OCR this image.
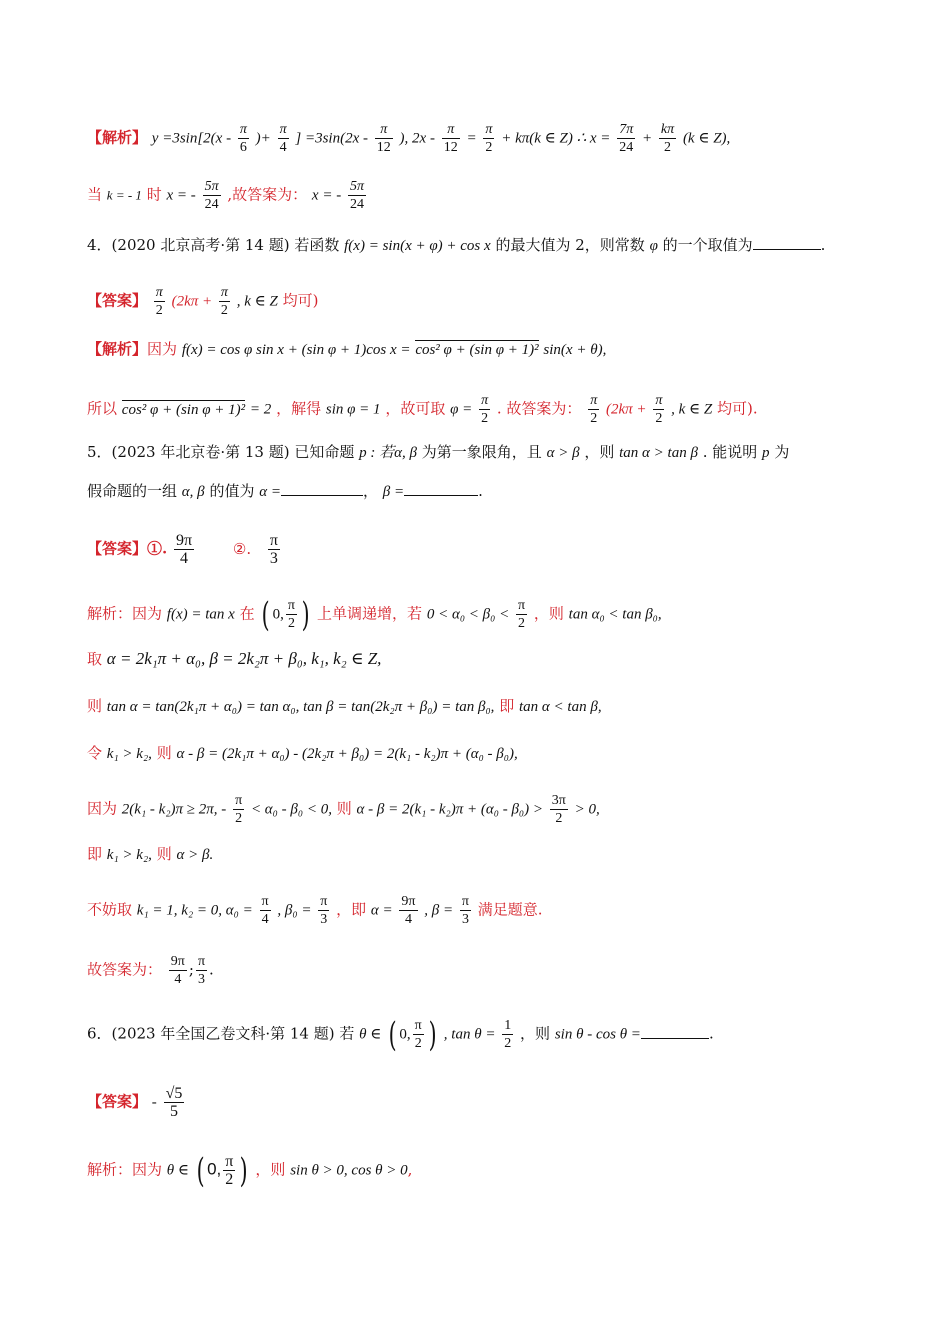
【解析】 $y =3\sin[2(x - \frac{\pi}{6}$ )+ $\frac{\pi}{4}$ ] $=3\sin(2x - \frac{\pi}{12}$ ), $2x - \frac{\pi}{12} = \frac{\pi}{2} + k\pi(k$ ∈ Z) ∴ $x = \frac{7\pi}{24} + \frac{k\pi}{2} (k$ ∈ Z),
当 k = - 1 时 x = - $\frac{5\pi}{24}$ ,故答案为： x = - $\frac{5\pi}{24}$
4．(2020 北京高考·第 14 题) 若函数 f(x) = sin(x + φ) + cos x 的最大值为 2，则常数 φ 的一个取值为	.
【答案】 $\frac{\pi}{2} (2k\pi + \frac{\pi}{2}$ , k ∈ Z 均可)
【解析】因为 f(x) = cos φ sin x + (sin φ + 1)cos x = cos² φ + (sin φ + 1)² sin(x + θ),
所以 cos² φ + (sin φ + 1)² = 2 ，解得 sin φ = 1 ，故可取 $\varphi = \frac{\pi}{2}$ . 故答案为： $\frac{\pi}{2} (2k\pi + \frac{\pi}{2}$ , k ∈ Z 均可).
5．(2023 年北京卷·第 13 题) 已知命题 p : 若α, β 为第一象限角，且 α > β ，则 tan α > tan β . 能说明 p 为
假命题的一组 α, β 的值为 α =	， β =	.
【答案】①. $\frac{9\pi}{4}$	②. $\frac{\pi}{3}$
解析：因为 f(x) = tan x 在 ( 0, $\frac{\pi}{2}$ ) 上单调递增，若 $0 < \alpha_0 < \beta_0 < \frac{\pi}{2}$ ，则 tan α₀ < tan β₀,
取 α = 2k₁π + α₀, β = 2k₂π + β₀, k₁, k₂ ∈ Z,
则 tan α = tan(2k₁π + α₀) = tan α₀, tan β = tan(2k₂π + β₀) = tan β₀, 即 tan α < tan β,
令 k₁ > k₂, 则 α - β = (2k₁π + α₀) - (2k₂π + β₀) = 2(k₁ - k₂)π + (α₀ - β₀),
因为 2(k₁ - k₂)π ≥ 2π, - $\frac{\pi}{2} < \alpha_0 - \beta_0 < 0$, 则 $\alpha - \beta = 2(k_1 - k_2)\pi + (\alpha_0 - \beta_0) > \frac{3\pi}{2} > 0$,
即 k₁ > k₂, 则 α > β.
不妨取 k₁ = 1, k₂ = 0, $\alpha_0 = \frac{\pi}{4}$ , $\beta_0 = \frac{\pi}{3}$ ，即 $\alpha = \frac{9\pi}{4}$ , $\beta = \frac{\pi}{3}$ 满足题意.
故答案为： $\frac{9\pi}{4}$ ; $\frac{\pi}{3}$ .
6．(2023 年全国乙卷文科·第 14 题) 若 θ ∈ ( 0, $\frac{\pi}{2}$ ) , $\tan \theta = \frac{1}{2}$ ，则 sin θ - cos θ =	.
【答案】 - $\frac{√5}{5}$
解析：因为 θ ∈ ( 0, $\frac{\pi}{2}$ ) ，则 sin θ > 0, cos θ > 0,
